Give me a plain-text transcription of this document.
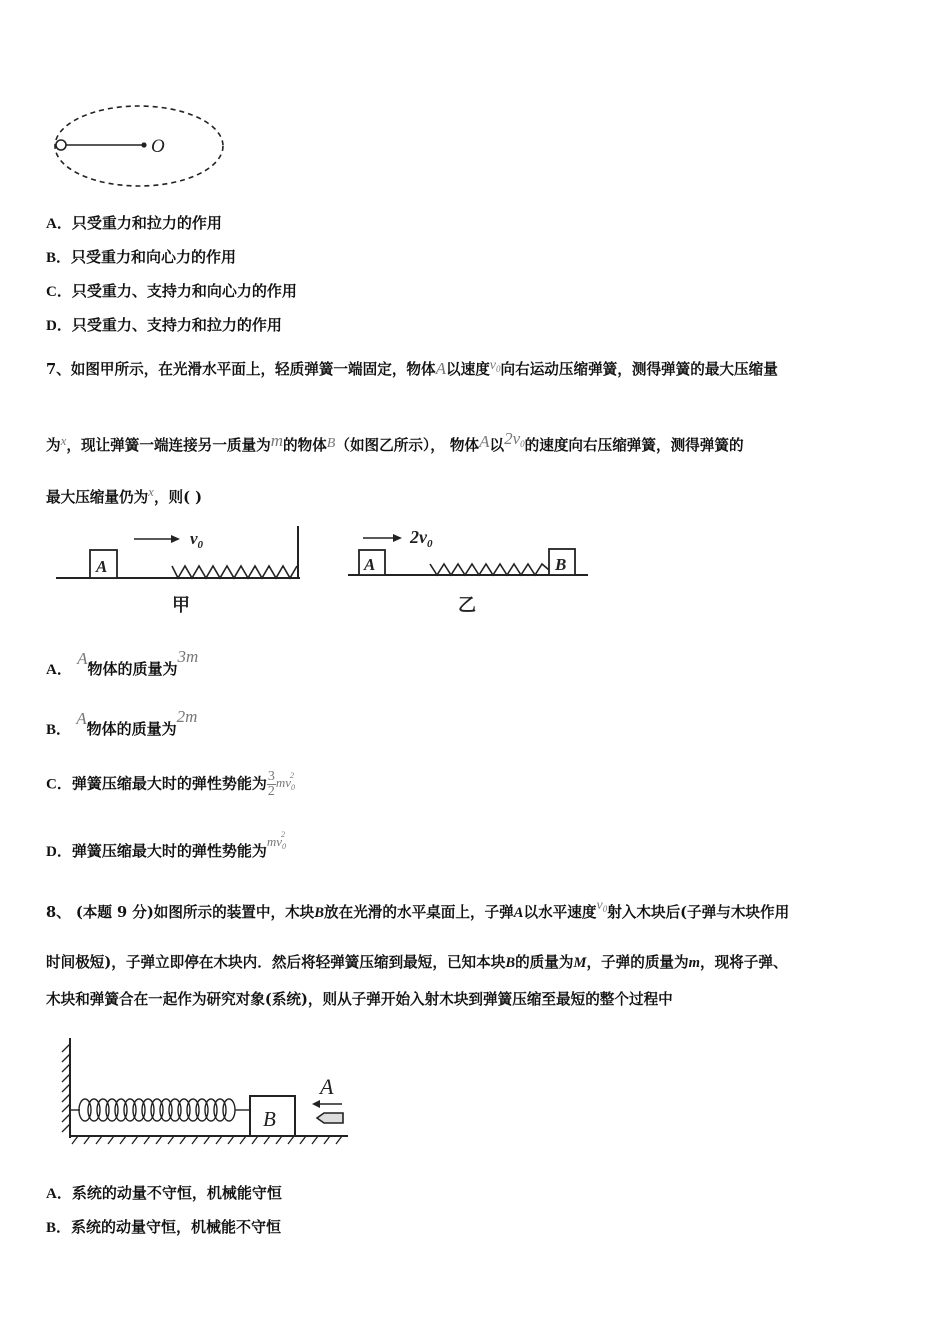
O
A．只受重力和拉力的作用
B．只受重力和向心力的作用
C．只受重力、支持力和向心力的作用
D．只受重力、支持力和拉力的作用
7、如图甲所示，在光滑水平面上，轻质弹簧一端固定，物体A以速度$v_0$向右运动压缩弹簧，测得弹簧的最大压缩量
为x，现让弹簧一端连接另一质量为m的物体B（如图乙所示）， 物体A以2v0的速度向右压缩弹簧，测得弹簧的
最大压缩量仍为x，则( )
A
$v_0$
甲
A	B
$2v_0$
乙
A． A物体的质量为3m
B． A物体的质量为2m
C．弹簧压缩最大时的弹性势能为 $\frac{3}{2} mv_0^2$
D．弹簧压缩最大时的弹性势能为$mv_0^2$
8、 (本题 9 分)如图所示的装置中，木块B放在光滑的水平桌面上，子弹A以水平速度$v_0$射入木块后(子弹与木块作用
时间极短)，子弹立即停在木块内．然后将轻弹簧压缩到最短，已知本块B的质量为M，子弹的质量为m，现将子弹、
木块和弹簧合在一起作为研究对象(系统)，则从子弹开始入射木块到弹簧压缩至最短的整个过程中
B
A
A．系统的动量不守恒，机械能守恒
B．系统的动量守恒，机械能不守恒
